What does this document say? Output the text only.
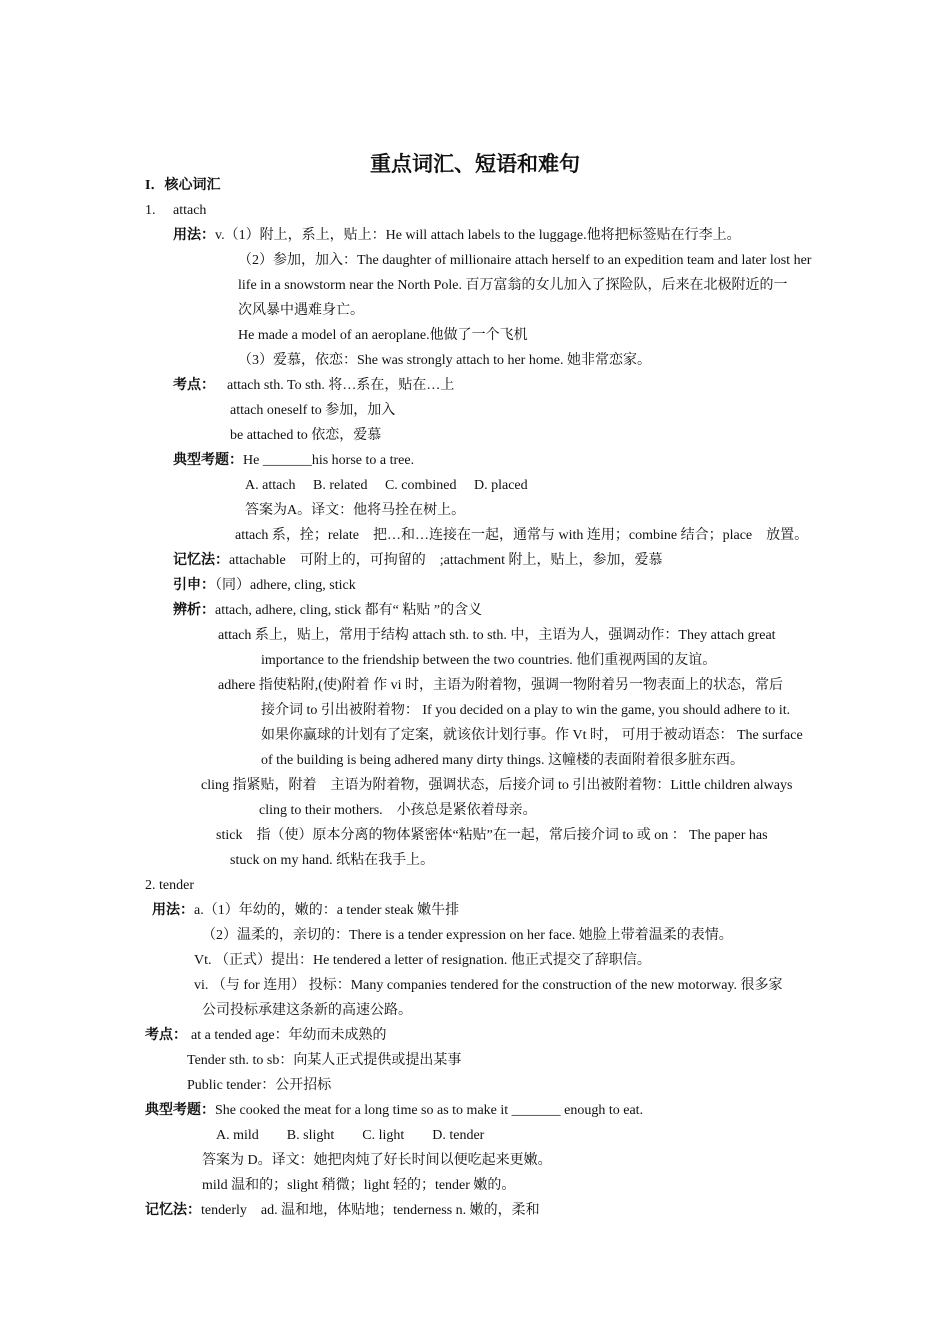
重点词汇、短语和难句
I．核心词汇
1.　 attach
用法：v.（1）附上，系上，贴上：He will attach labels to the luggage.他将把标签贴在行李上。
（2）参加，加入：The daughter of millionaire attach herself to an expedition team and later lost her
life in a snowstorm near the North Pole. 百万富翁的女儿加入了探险队，后来在北极附近的一
次风暴中遇难身亡。
He made a model of an aeroplane.他做了一个飞机
（3）爱慕，依恋：She was strongly attach to her home. 她非常恋家。
考点： attach sth. To sth. 将…系在，贴在…上
attach oneself to 参加，加入
be attached to 依恋，爱慕
典型考题：He _______his horse to a tree.
A. attach　 B. related　 C. combined　 D. placed
答案为A。译文：他将马拴在树上。
attach 系，拴；relate　把…和…连接在一起，通常与 with 连用；combine 结合；place　放置。
记忆法：attachable　可附上的，可拘留的　;attachment 附上，贴上，参加，爱慕
引申：（同）adhere, cling, stick
辨析：attach, adhere, cling, stick 都有“ 粘贴 ”的含义
attach 系上，贴上，常用于结构 attach sth. to sth. 中，主语为人，强调动作：They attach great
importance to the friendship between the two countries. 他们重视两国的友谊。
adhere 指使粘附,(使)附着 作 vi 时，主语为附着物，强调一物附着另一物表面上的状态，常后
接介词 to 引出被附着物： If you decided on a play to win the game, you should adhere to it.
如果你赢球的计划有了定案，就该依计划行事。作 Vt 时， 可用于被动语态： The surface
of the building is being adhered many dirty things. 这幢楼的表面附着很多脏东西。
cling 指紧贴，附着　主语为附着物，强调状态，后接介词 to 引出被附着物：Little children always
cling to their mothers.　小孩总是紧依着母亲。
stick　指（使）原本分离的物体紧密体“粘贴”在一起，常后接介词 to 或 on ： The paper has
stuck on my hand. 纸粘在我手上。
2. tender
用法：a.（1）年幼的，嫩的：a tender steak 嫩牛排
（2）温柔的，亲切的：There is a tender expression on her face. 她脸上带着温柔的表情。
Vt. （正式）提出：He tendered a letter of resignation. 他正式提交了辞职信。
vi. （与 for 连用） 投标：Many companies tendered for the construction of the new motorway. 很多家
公司投标承建这条新的高速公路。
考点： at a tended age：年幼而未成熟的
Tender sth. to sb：向某人正式提供或提出某事
Public tender：公开招标
典型考题：She cooked the meat for a long time so as to make it _______ enough to eat.
A. mild　　B. slight　　C. light　　D. tender
答案为 D。译文：她把肉炖了好长时间以便吃起来更嫩。
mild 温和的；slight 稍微；light 轻的；tender 嫩的。
记忆法：tenderly　ad. 温和地，体贴地；tenderness n. 嫩的，柔和
